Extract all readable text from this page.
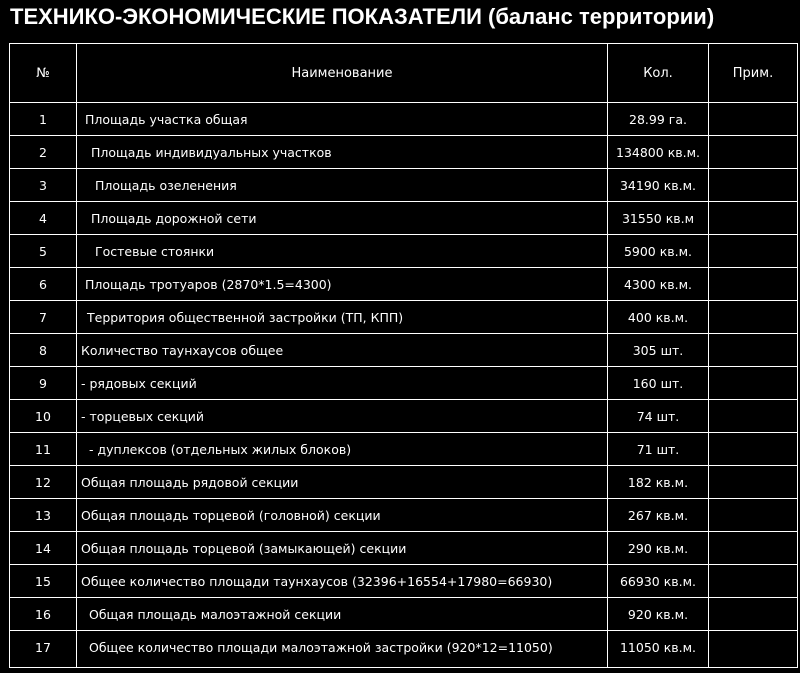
ТЕХНИКО-ЭКОНОМИЧЕСКИЕ ПОКАЗАТЕЛИ (баланс территории)
№	Наименование	Кол.	Прим.
1	Площадь участка общая	28.99 га.
2	Площадь индивидуальных участков	134800 кв.м.
3	Площадь озеленения	34190 кв.м.
4	Площадь дорожной сети	31550 кв.м
5	Гостевые стоянки	5900 кв.м.
6	Площадь тротуаров (2870*1.5=4300)	4300 кв.м.
7	Территория общественной застройки (ТП, КПП)	400 кв.м.
8	Количество таунхаусов общее	305 шт.
9	- рядовых секций	160 шт.
10	- торцевых секций	74 шт.
11	- дуплексов (отдельных жилых блоков)	71 шт.
12	Общая площадь рядовой секции	182 кв.м.
13	Общая площадь торцевой (головной) секции	267 кв.м.
14	Общая площадь торцевой (замыкающей) секции	290 кв.м.
15	Общее количество площади таунхаусов (32396+16554+17980=66930)	66930 кв.м.
16	Общая площадь малоэтажной секции	920 кв.м.
17	Общее количество площади малоэтажной застройки (920*12=11050)	11050 кв.м.
